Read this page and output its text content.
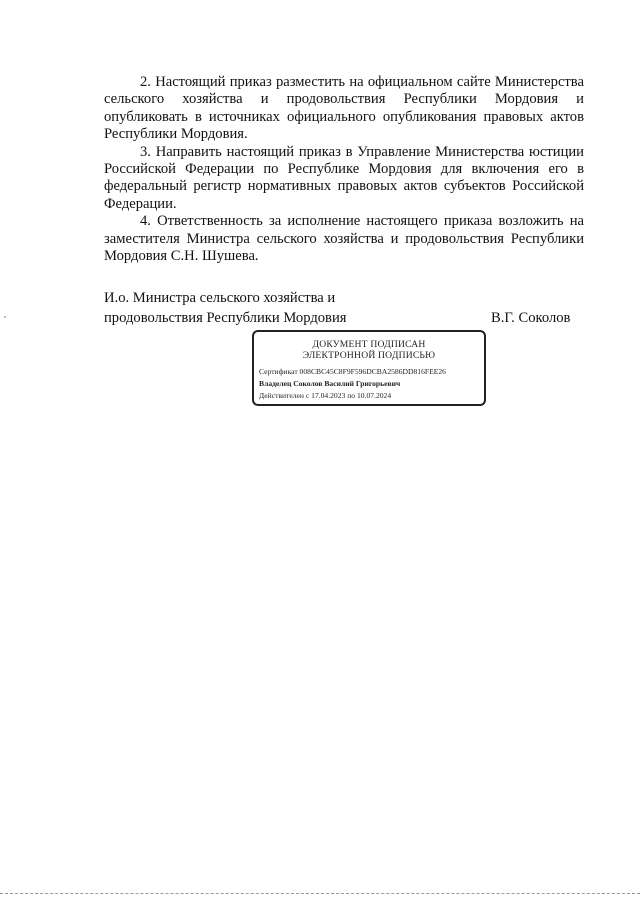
2. Настоящий приказ разместить на официальном сайте Министерства сельского хозяйства и продовольствия Республики Мордовия и опубликовать в источниках официального опубликования правовых актов Республики Мордовия.

3. Направить настоящий приказ в Управление Министерства юстиции Российской Федерации по Республике Мордовия для включения его в федеральный регистр нормативных правовых актов субъектов Российской Федерации.

4. Ответственность за исполнение настоящего приказа возложить на заместителя Министра сельского хозяйства и продовольствия Республики Мордовия С.Н. Шушева.

И.о. Министра сельского хозяйства и
продовольствия Республики Мордовия	В.Г. Соколов
ДОКУМЕНТ ПОДПИСАН
ЭЛЕКТРОННОЙ ПОДПИСЬЮ
Сертификат 008CBC45C8F9F596DCBA2586DD816FEE26
Владелец Соколов Василий Григорьевич
Действителен с 17.04.2023 по 10.07.2024
